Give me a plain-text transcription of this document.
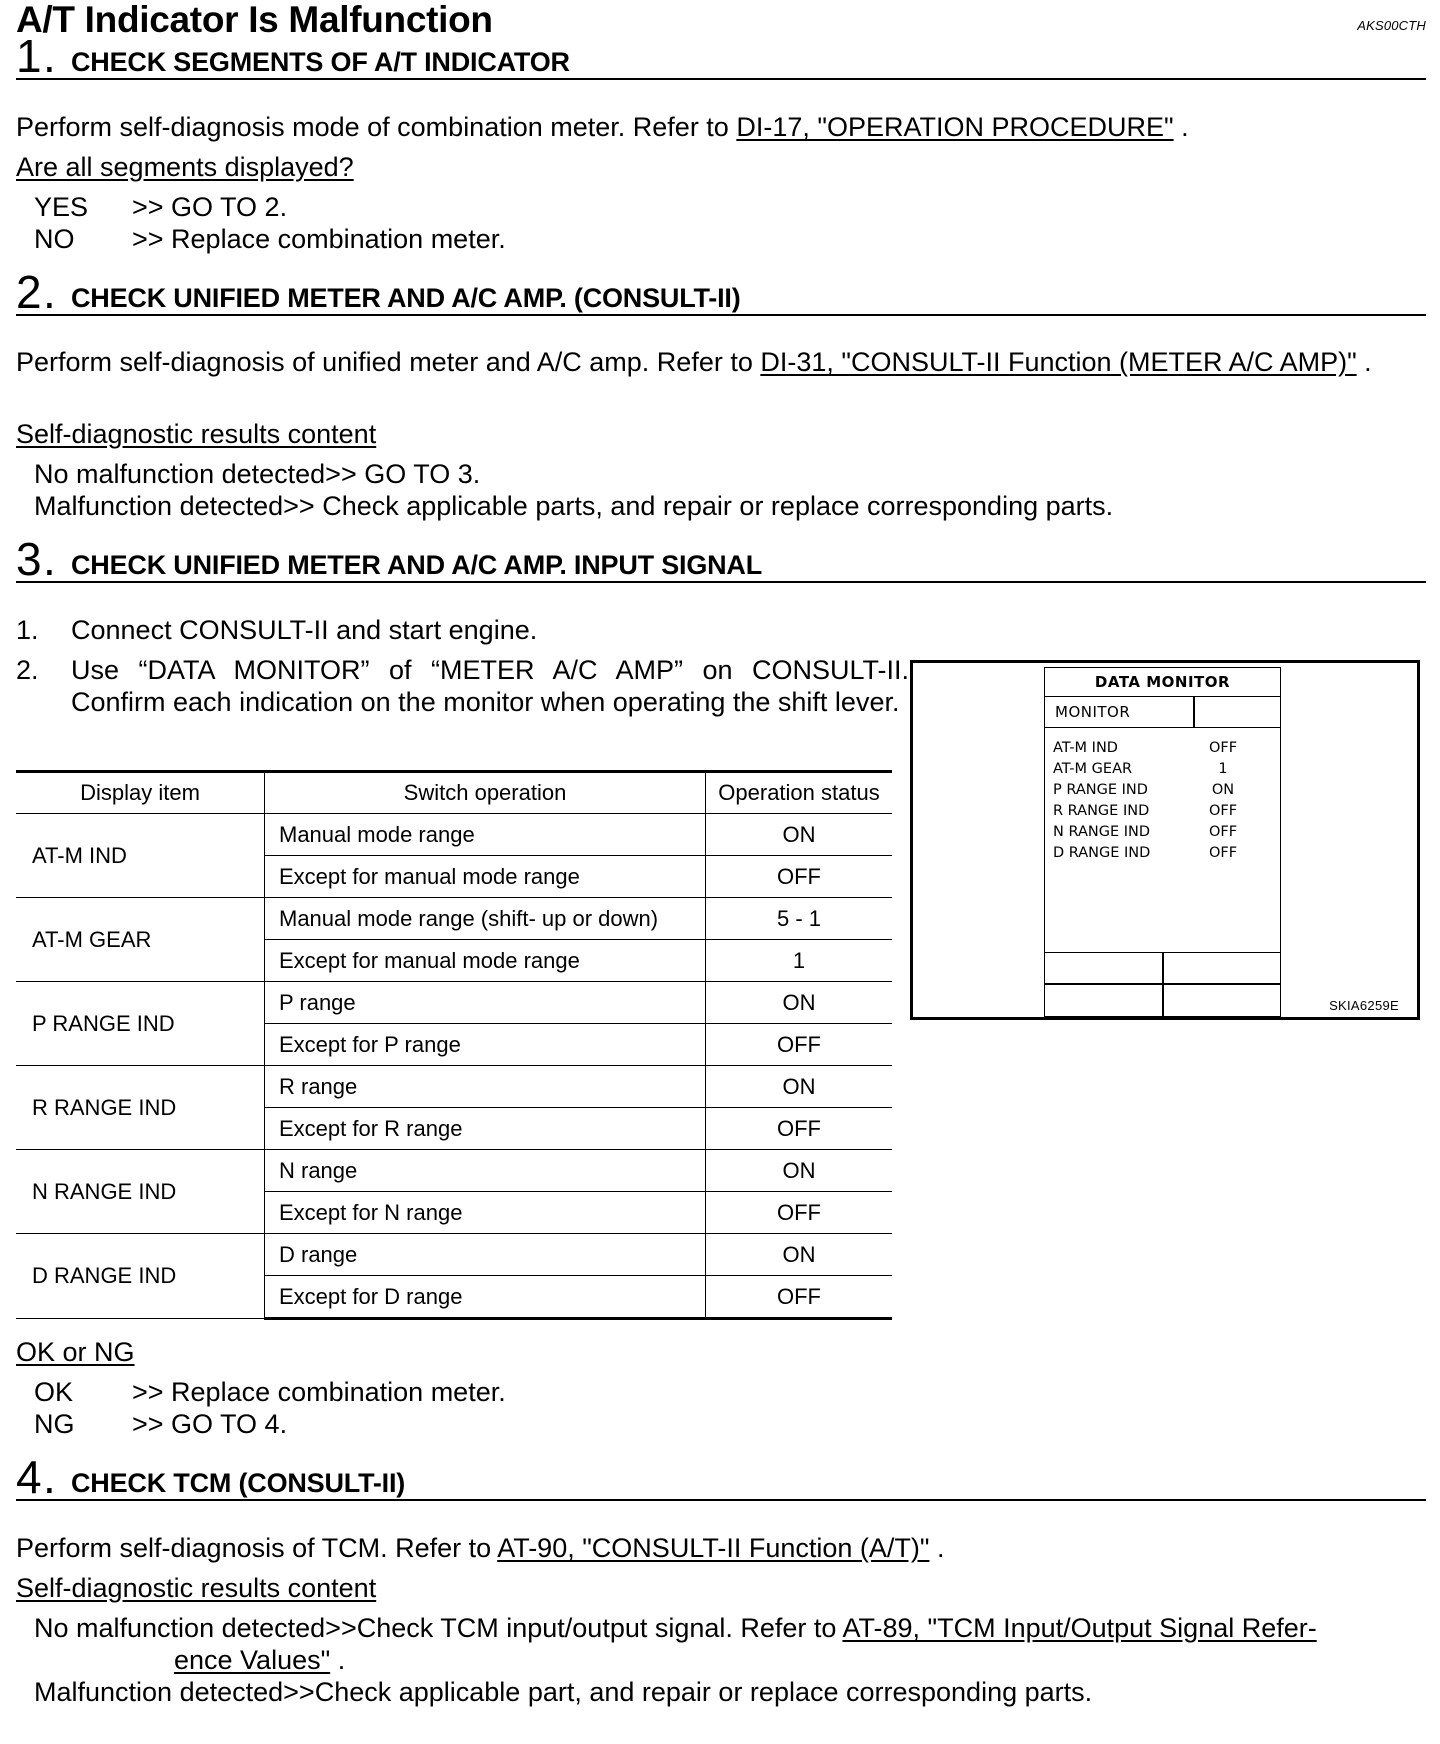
A/T Indicator Is Malfunction	AKS00CTH
1 . CHECK SEGMENTS OF A/T INDICATOR
Perform self-diagnosis mode of combination meter. Refer to DI-17, "OPERATION PROCEDURE" .
Are all segments displayed?
YES >> GO TO 2.
NO >> Replace combination meter.
2 . CHECK UNIFIED METER AND A/C AMP. (CONSULT-II)
Perform self-diagnosis of unified meter and A/C amp. Refer to DI-31, "CONSULT-II Function (METER A/C AMP)" .
Self-diagnostic results content
No malfunction detected>> GO TO 3.
Malfunction detected>> Check applicable parts, and repair or replace corresponding parts.
3 . CHECK UNIFIED METER AND A/C AMP. INPUT SIGNAL
1. Connect CONSULT-II and start engine.
2. Use “DATA MONITOR” of “METER A/C AMP” on CONSULT-II. Confirm each indication on the monitor when operating the shift lever.
Display item	Switch operation	Operation status
AT-M IND	Manual mode range	ON
	Except for manual mode range	OFF
AT-M GEAR	Manual mode range (shift- up or down)	5 - 1
	Except for manual mode range	1
P RANGE IND	P range	ON
	Except for P range	OFF
R RANGE IND	R range	ON
	Except for R range	OFF
N RANGE IND	N range	ON
	Except for N range	OFF
D RANGE IND	D range	ON
	Except for D range	OFF
DATA MONITOR
MONITOR
AT-M IND	OFF
AT-M GEAR	1
P RANGE IND	ON
R RANGE IND	OFF
N RANGE IND	OFF
D RANGE IND	OFF
SKIA6259E
OK or NG
OK >> Replace combination meter.
NG >> GO TO 4.
4 . CHECK TCM (CONSULT-II)
Perform self-diagnosis of TCM. Refer to AT-90, "CONSULT-II Function (A/T)" .
Self-diagnostic results content
No malfunction detected>>Check TCM input/output signal. Refer to AT-89, "TCM Input/Output Signal Refer-
ence Values" .
Malfunction detected>>Check applicable part, and repair or replace corresponding parts.
